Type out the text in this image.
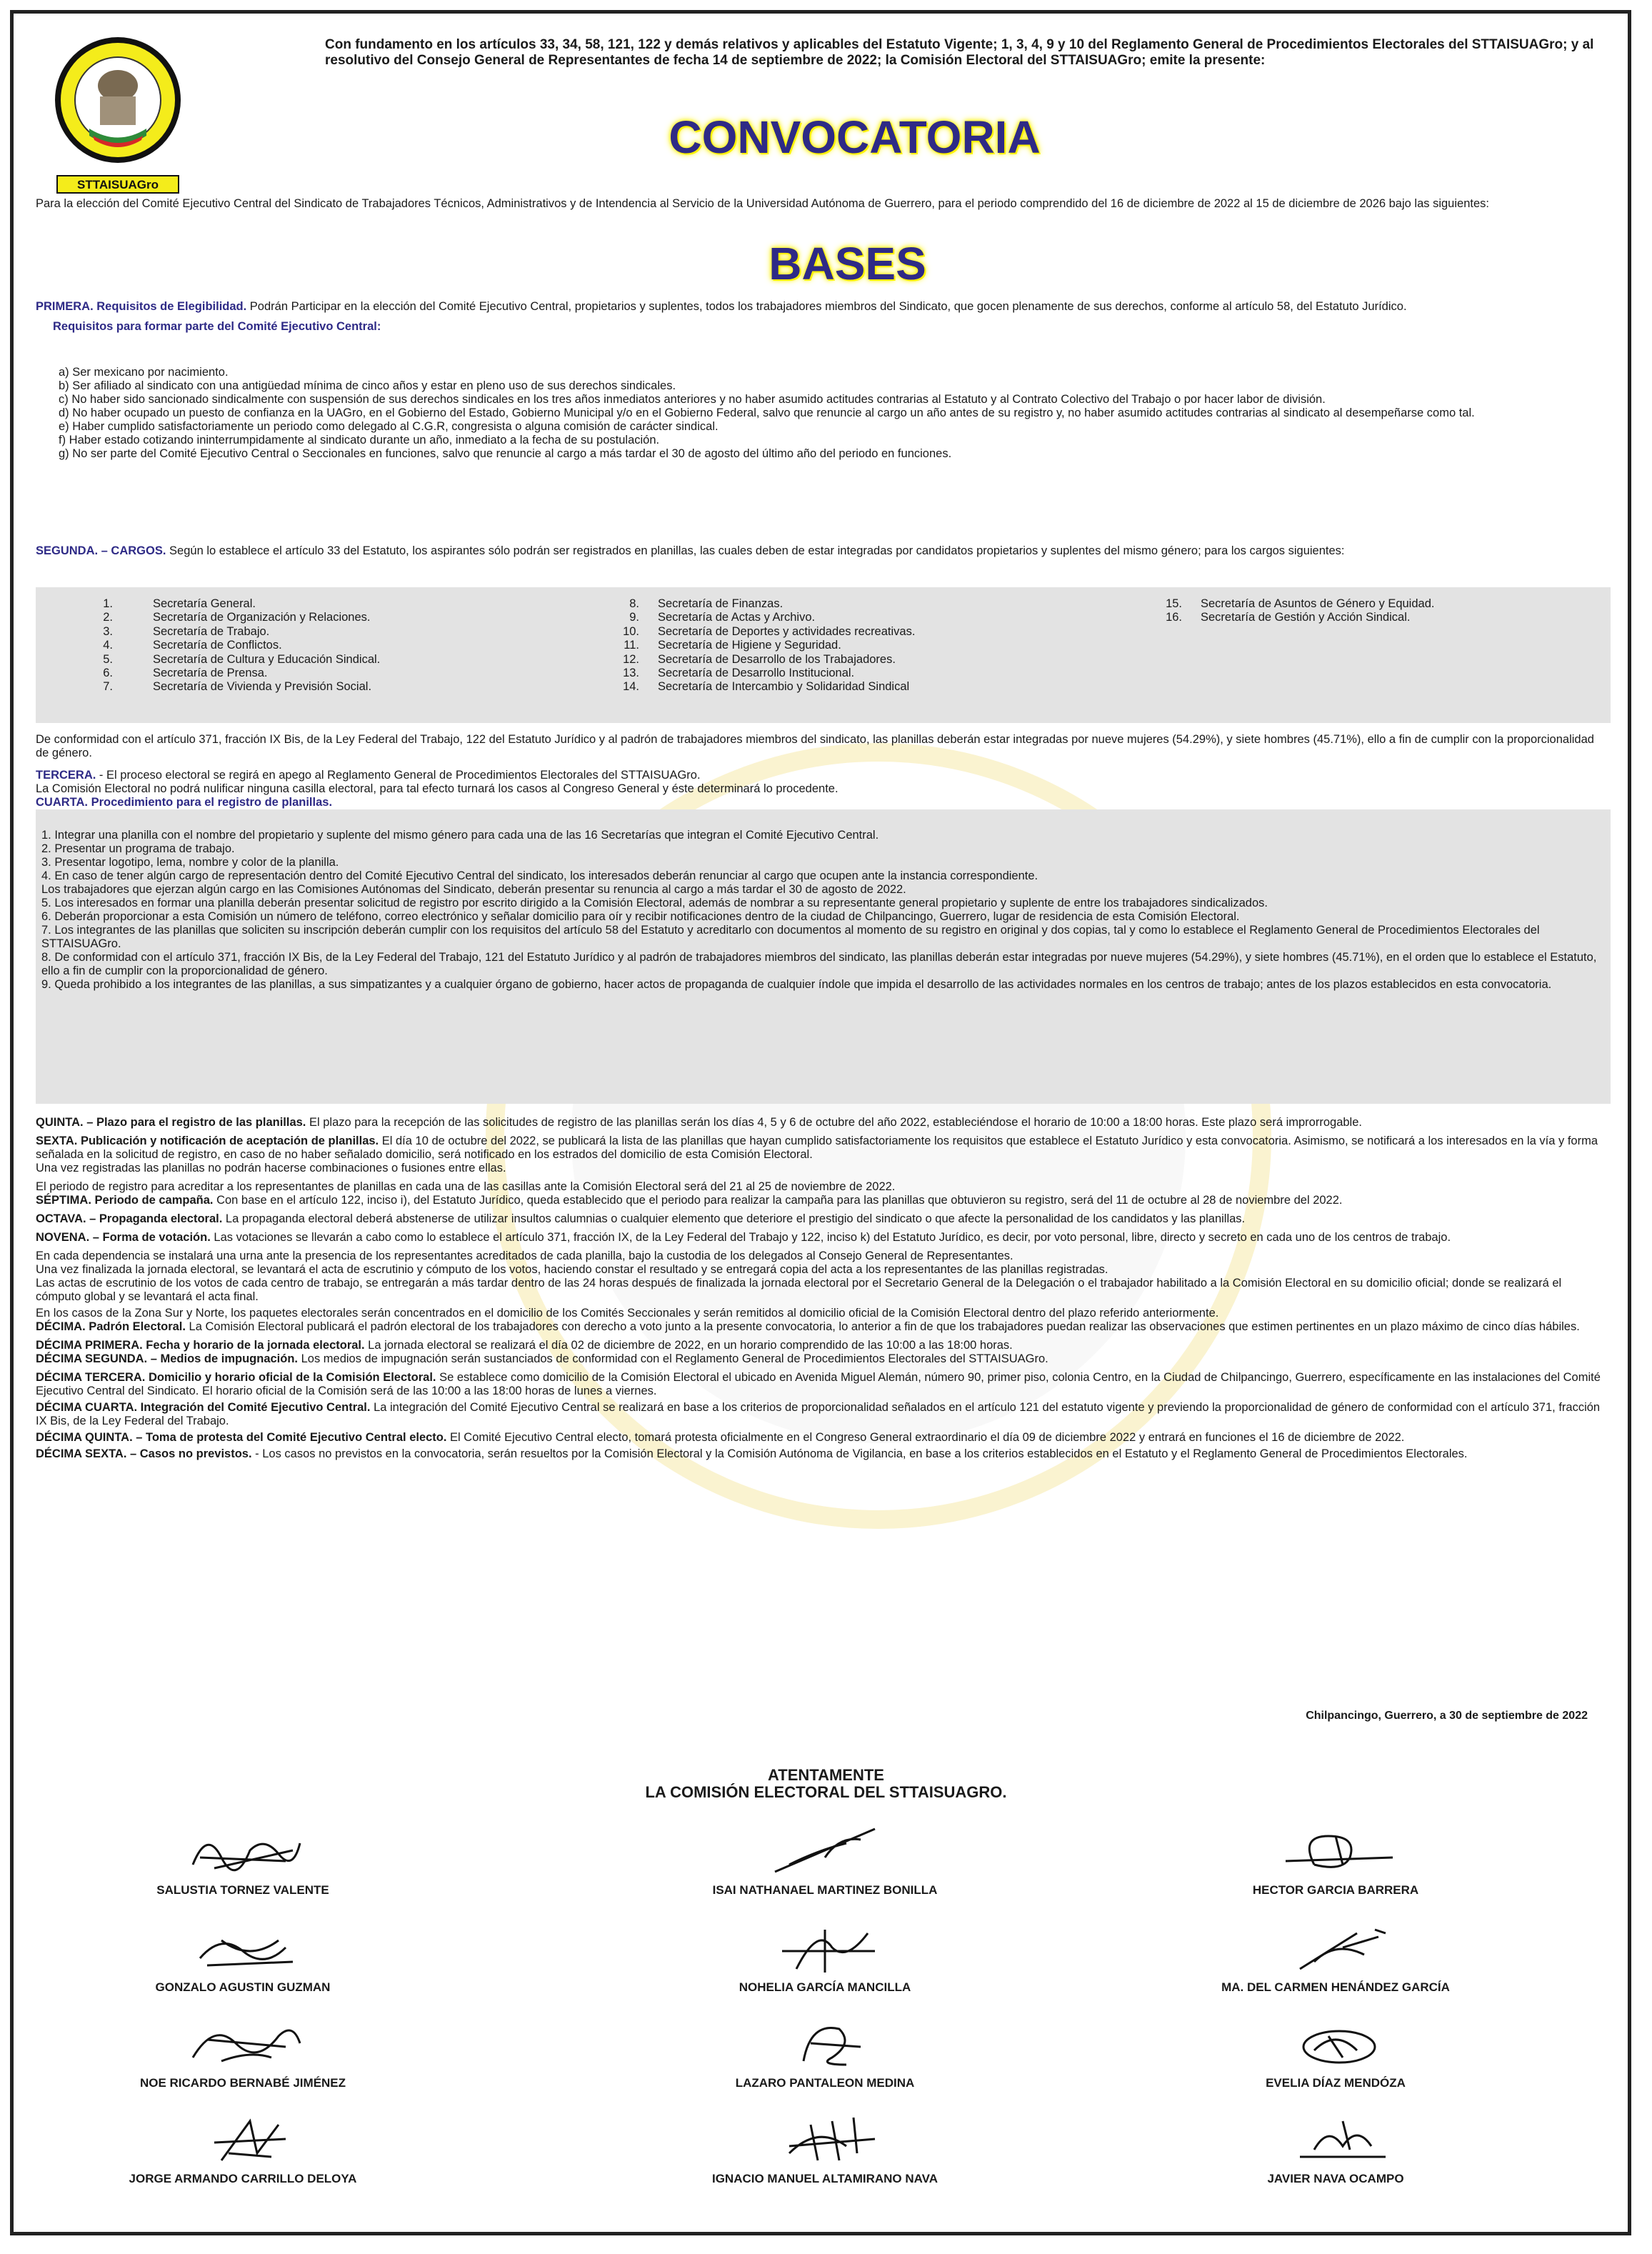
STTAISUAGro
Con fundamento en los artículos 33, 34, 58, 121, 122 y demás relativos y aplicables del Estatuto Vigente; 1, 3, 4, 9 y 10 del Reglamento General de Procedimientos Electorales del STTAISUAGro; y al resolutivo del Consejo General de Representantes de fecha 14 de septiembre de 2022; la Comisión Electoral del STTAISUAGro; emite la presente:
CONVOCATORIA
Para la elección del Comité Ejecutivo Central del Sindicato de Trabajadores Técnicos, Administrativos y de Intendencia al Servicio de la Universidad Autónoma de Guerrero, para el periodo comprendido del 16 de diciembre de 2022 al 15 de diciembre de 2026 bajo las siguientes:
BASES

PRIMERA. Requisitos de Elegibilidad. Podrán Participar en la elección del Comité Ejecutivo Central, propietarios y suplentes, todos los trabajadores miembros del Sindicato, que gocen plenamente de sus derechos, conforme al artículo 58, del Estatuto Jurídico.

Requisitos para formar parte del Comité Ejecutivo Central:

a) Ser mexicano por nacimiento.

b) Ser afiliado al sindicato con una antigüedad mínima de cinco años y estar en pleno uso de sus derechos sindicales.

c) No haber sido sancionado sindicalmente con suspensión de sus derechos sindicales en los tres años inmediatos anteriores y no haber asumido actitudes contrarias al Estatuto y al Contrato Colectivo del Trabajo o por hacer labor de división.

d) No haber ocupado un puesto de confianza en la UAGro, en el Gobierno del Estado, Gobierno Municipal y/o en el Gobierno Federal, salvo que renuncie al cargo un año antes de su registro y, no haber asumido actitudes contrarias al sindicato al desempeñarse como tal.

e) Haber cumplido satisfactoriamente un periodo como delegado al C.G.R, congresista o alguna comisión de carácter sindical.

f) Haber estado cotizando ininterrumpidamente al sindicato durante un año, inmediato a la fecha de su postulación.

g) No ser parte del Comité Ejecutivo Central o Seccionales en funciones, salvo que renuncie al cargo a más tardar el 30 de agosto del último año del periodo en funciones.

SEGUNDA. – CARGOS. Según lo establece el artículo 33 del Estatuto, los aspirantes sólo podrán ser registrados en planillas, las cuales deben de estar integradas por candidatos propietarios y suplentes del mismo género; para los cargos siguientes:

1.	Secretaría General.
2.	Secretaría de Organización y Relaciones.
3.	Secretaría de Trabajo.
4.	Secretaría de Conflictos.
5.	Secretaría de Cultura y Educación Sindical.
6.	Secretaría de Prensa.
7.	Secretaría de Vivienda y Previsión Social.
8. Secretaría de Finanzas.
9. Secretaría de Actas y Archivo.
10. Secretaría de Deportes y actividades recreativas.
11. Secretaría de Higiene y Seguridad.
12. Secretaría de Desarrollo de los Trabajadores.
13. Secretaría de Desarrollo Institucional.
14. Secretaría de Intercambio y Solidaridad Sindical
15. Secretaría de Asuntos de Género y Equidad.
16. Secretaría de Gestión y Acción Sindical.
De conformidad con el artículo 371, fracción IX Bis, de la Ley Federal del Trabajo, 122 del Estatuto Jurídico y al padrón de trabajadores miembros del sindicato, las planillas deberán estar integradas por nueve mujeres (54.29%), y siete hombres (45.71%), ello a fin de cumplir con la proporcionalidad de género.

TERCERA. - El proceso electoral se regirá en apego al Reglamento General de Procedimientos Electorales del STTAISUAGro.

La Comisión Electoral no podrá nulificar ninguna casilla electoral, para tal efecto turnará los casos al Congreso General y éste determinará lo procedente.

CUARTA. Procedimiento para el registro de planillas.

1. Integrar una planilla con el nombre del propietario y suplente del mismo género para cada una de las 16 Secretarías que integran el Comité Ejecutivo Central.

2. Presentar un programa de trabajo.

3. Presentar logotipo, lema, nombre y color de la planilla.

4. En caso de tener algún cargo de representación dentro del Comité Ejecutivo Central del sindicato, los interesados deberán renunciar al cargo que ocupen ante la instancia correspondiente.

Los trabajadores que ejerzan algún cargo en las Comisiones Autónomas del Sindicato, deberán presentar su renuncia al cargo a más tardar el 30 de agosto de 2022.

5. Los interesados en formar una planilla deberán presentar solicitud de registro por escrito dirigido a la Comisión Electoral, además de nombrar a su representante general propietario y suplente de entre los trabajadores sindicalizados.

6. Deberán proporcionar a esta Comisión un número de teléfono, correo electrónico y señalar domicilio para oír y recibir notificaciones dentro de la ciudad de Chilpancingo, Guerrero, lugar de residencia de esta Comisión Electoral.

7. Los integrantes de las planillas que soliciten su inscripción deberán cumplir con los requisitos del artículo 58 del Estatuto y acreditarlo con documentos al momento de su registro en original y dos copias, tal y como lo establece el Reglamento General de Procedimientos Electorales del STTAISUAGro.

8. De conformidad con el artículo 371, fracción IX Bis, de la Ley Federal del Trabajo, 121 del Estatuto Jurídico y al padrón de trabajadores miembros del sindicato, las planillas deberán estar integradas por nueve mujeres (54.29%), y siete hombres (45.71%), en el orden que lo establece el Estatuto, ello a fin de cumplir con la proporcionalidad de género.

9. Queda prohibido a los integrantes de las planillas, a sus simpatizantes y a cualquier órgano de gobierno, hacer actos de propaganda de cualquier índole que impida el desarrollo de las actividades normales en los centros de trabajo; antes de los plazos establecidos en esta convocatoria.

QUINTA. – Plazo para el registro de las planillas. El plazo para la recepción de las solicitudes de registro de las planillas serán los días 4, 5 y 6 de octubre del año 2022, estableciéndose el horario de 10:00 a 18:00 horas. Este plazo será improrrogable.

SEXTA. Publicación y notificación de aceptación de planillas. El día 10 de octubre del 2022, se publicará la lista de las planillas que hayan cumplido satisfactoriamente los requisitos que establece el Estatuto Jurídico y esta convocatoria. Asimismo, se notificará a los interesados en la vía y forma señalada en la solicitud de registro, en caso de no haber señalado domicilio, será notificado en los estrados del domicilio de esta Comisión Electoral.

Una vez registradas las planillas no podrán hacerse combinaciones o fusiones entre ellas.

El periodo de registro para acreditar a los representantes de planillas en cada una de las casillas ante la Comisión Electoral será del 21 al 25 de noviembre de 2022.

SÉPTIMA. Periodo de campaña. Con base en el artículo 122, inciso i), del Estatuto Jurídico, queda establecido que el periodo para realizar la campaña para las planillas que obtuvieron su registro, será del 11 de octubre al 28 de noviembre del 2022.

OCTAVA. – Propaganda electoral. La propaganda electoral deberá abstenerse de utilizar insultos calumnias o cualquier elemento que deteriore el prestigio del sindicato o que afecte la personalidad de los candidatos y las planillas.

NOVENA. – Forma de votación. Las votaciones se llevarán a cabo como lo establece el artículo 371, fracción IX, de la Ley Federal del Trabajo y 122, inciso k) del Estatuto Jurídico, es decir, por voto personal, libre, directo y secreto en cada uno de los centros de trabajo.

En cada dependencia se instalará una urna ante la presencia de los representantes acreditados de cada planilla, bajo la custodia de los delegados al Consejo General de Representantes.

Una vez finalizada la jornada electoral, se levantará el acta de escrutinio y cómputo de los votos, haciendo constar el resultado y se entregará copia del acta a los representantes de las planillas registradas.

Las actas de escrutinio de los votos de cada centro de trabajo, se entregarán a más tardar dentro de las 24 horas después de finalizada la jornada electoral por el Secretario General de la Delegación o el trabajador habilitado a la Comisión Electoral en su domicilio oficial; donde se realizará el cómputo global y se levantará el acta final.

En los casos de la Zona Sur y Norte, los paquetes electorales serán concentrados en el domicilio de los Comités Seccionales y serán remitidos al domicilio oficial de la Comisión Electoral dentro del plazo referido anteriormente.

DÉCIMA. Padrón Electoral. La Comisión Electoral publicará el padrón electoral de los trabajadores con derecho a voto junto a la presente convocatoria, lo anterior a fin de que los trabajadores puedan realizar las observaciones que estimen pertinentes en un plazo máximo de cinco días hábiles.

DÉCIMA PRIMERA. Fecha y horario de la jornada electoral. La jornada electoral se realizará el día 02 de diciembre de 2022, en un horario comprendido de las 10:00 a las 18:00 horas.

DÉCIMA SEGUNDA. – Medios de impugnación. Los medios de impugnación serán sustanciados de conformidad con el Reglamento General de Procedimientos Electorales del STTAISUAGro.

DÉCIMA TERCERA. Domicilio y horario oficial de la Comisión Electoral. Se establece como domicilio de la Comisión Electoral el ubicado en Avenida Miguel Alemán, número 90, primer piso, colonia Centro, en la Ciudad de Chilpancingo, Guerrero, específicamente en las instalaciones del Comité Ejecutivo Central del Sindicato. El horario oficial de la Comisión será de las 10:00 a las 18:00 horas de lunes a viernes.

DÉCIMA CUARTA. Integración del Comité Ejecutivo Central. La integración del Comité Ejecutivo Central se realizará en base a los criterios de proporcionalidad señalados en el artículo 121 del estatuto vigente y previendo la proporcionalidad de género de conformidad con el artículo 371, fracción IX Bis, de la Ley Federal del Trabajo.

DÉCIMA QUINTA. – Toma de protesta del Comité Ejecutivo Central electo. El Comité Ejecutivo Central electo, tomará protesta oficialmente en el Congreso General extraordinario el día 09 de diciembre 2022 y entrará en funciones el 16 de diciembre de 2022.

DÉCIMA SEXTA. – Casos no previstos. - Los casos no previstos en la convocatoria, serán resueltos por la Comisión Electoral y la Comisión Autónoma de Vigilancia, en base a los criterios establecidos en el Estatuto y el Reglamento General de Procedimientos Electorales.

Chilpancingo, Guerrero, a 30 de septiembre de 2022
ATENTAMENTE
LA COMISIÓN ELECTORAL DEL STTAISUAGRO.
SALUSTIA TORNEZ VALENTE	ISAI NATHANAEL MARTINEZ BONILLA	HECTOR GARCIA BARRERA
GONZALO AGUSTIN GUZMAN	NOHELIA GARCÍA MANCILLA	MA. DEL CARMEN HENÁNDEZ GARCÍA
NOE RICARDO BERNABÉ JIMÉNEZ	LAZARO PANTALEON MEDINA	EVELIA DÍAZ MENDÓZA
JORGE ARMANDO CARRILLO DELOYA	IGNACIO MANUEL ALTAMIRANO NAVA	JAVIER NAVA OCAMPO
